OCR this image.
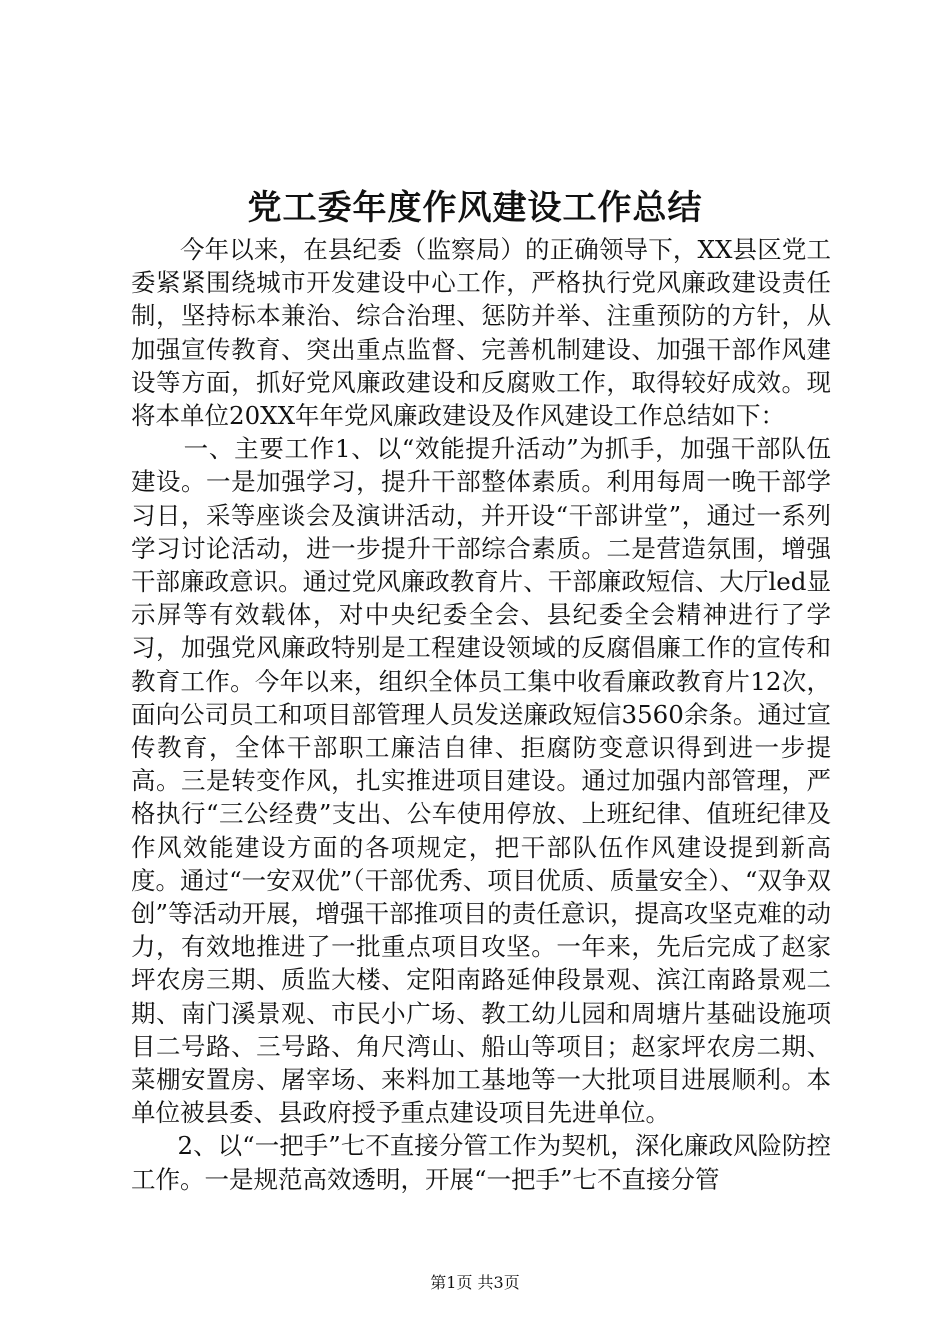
党工委年度作风建设工作总结

今年以来，在县纪委（监察局）的正确领导下，XX县区党工委紧紧围绕城市开发建设中心工作，严格执行党风廉政建设责任制，坚持标本兼治、综合治理、惩防并举、注重预防的方针，从加强宣传教育、突出重点监督、完善机制建设、加强干部作风建设等方面，抓好党风廉政建设和反腐败工作，取得较好成效。现将本单位20XX年年党风廉政建设及作风建设工作总结如下：

一、主要工作1、以“效能提升活动”为抓手，加强干部队伍建设。一是加强学习，提升干部整体素质。利用每周一晚干部学习日，采等座谈会及演讲活动，并开设“干部讲堂”，通过一系列学习讨论活动，进一步提升干部综合素质。二是营造氛围，增强干部廉政意识。通过党风廉政教育片、干部廉政短信、大厅led显示屏等有效载体，对中央纪委全会、县纪委全会精神进行了学习，加强党风廉政特别是工程建设领域的反腐倡廉工作的宣传和教育工作。今年以来，组织全体员工集中收看廉政教育片12次，面向公司员工和项目部管理人员发送廉政短信3560余条。通过宣传教育，全体干部职工廉洁自律、拒腐防变意识得到进一步提高。三是转变作风，扎实推进项目建设。通过加强内部管理，严格执行“三公经费”支出、公车使用停放、上班纪律、值班纪律及作风效能建设方面的各项规定，把干部队伍作风建设提到新高度。通过“一安双优”（干部优秀、项目优质、质量安全）、“双争双创”等活动开展，增强干部推项目的责任意识，提高攻坚克难的动力，有效地推进了一批重点项目攻坚。一年来，先后完成了赵家坪农房三期、质监大楼、定阳南路延伸段景观、滨江南路景观二期、南门溪景观、市民小广场、教工幼儿园和周塘片基础设施项目二号路、三号路、角尺湾山、船山等项目；赵家坪农房二期、菜棚安置房、屠宰场、来料加工基地等一大批项目进展顺利。本单位被县委、县政府授予重点建设项目先进单位。

2、以“一把手”七不直接分管工作为契机，深化廉政风险防控工作。一是规范高效透明，开展“一把手”七不直接分管

第1页 共3页
